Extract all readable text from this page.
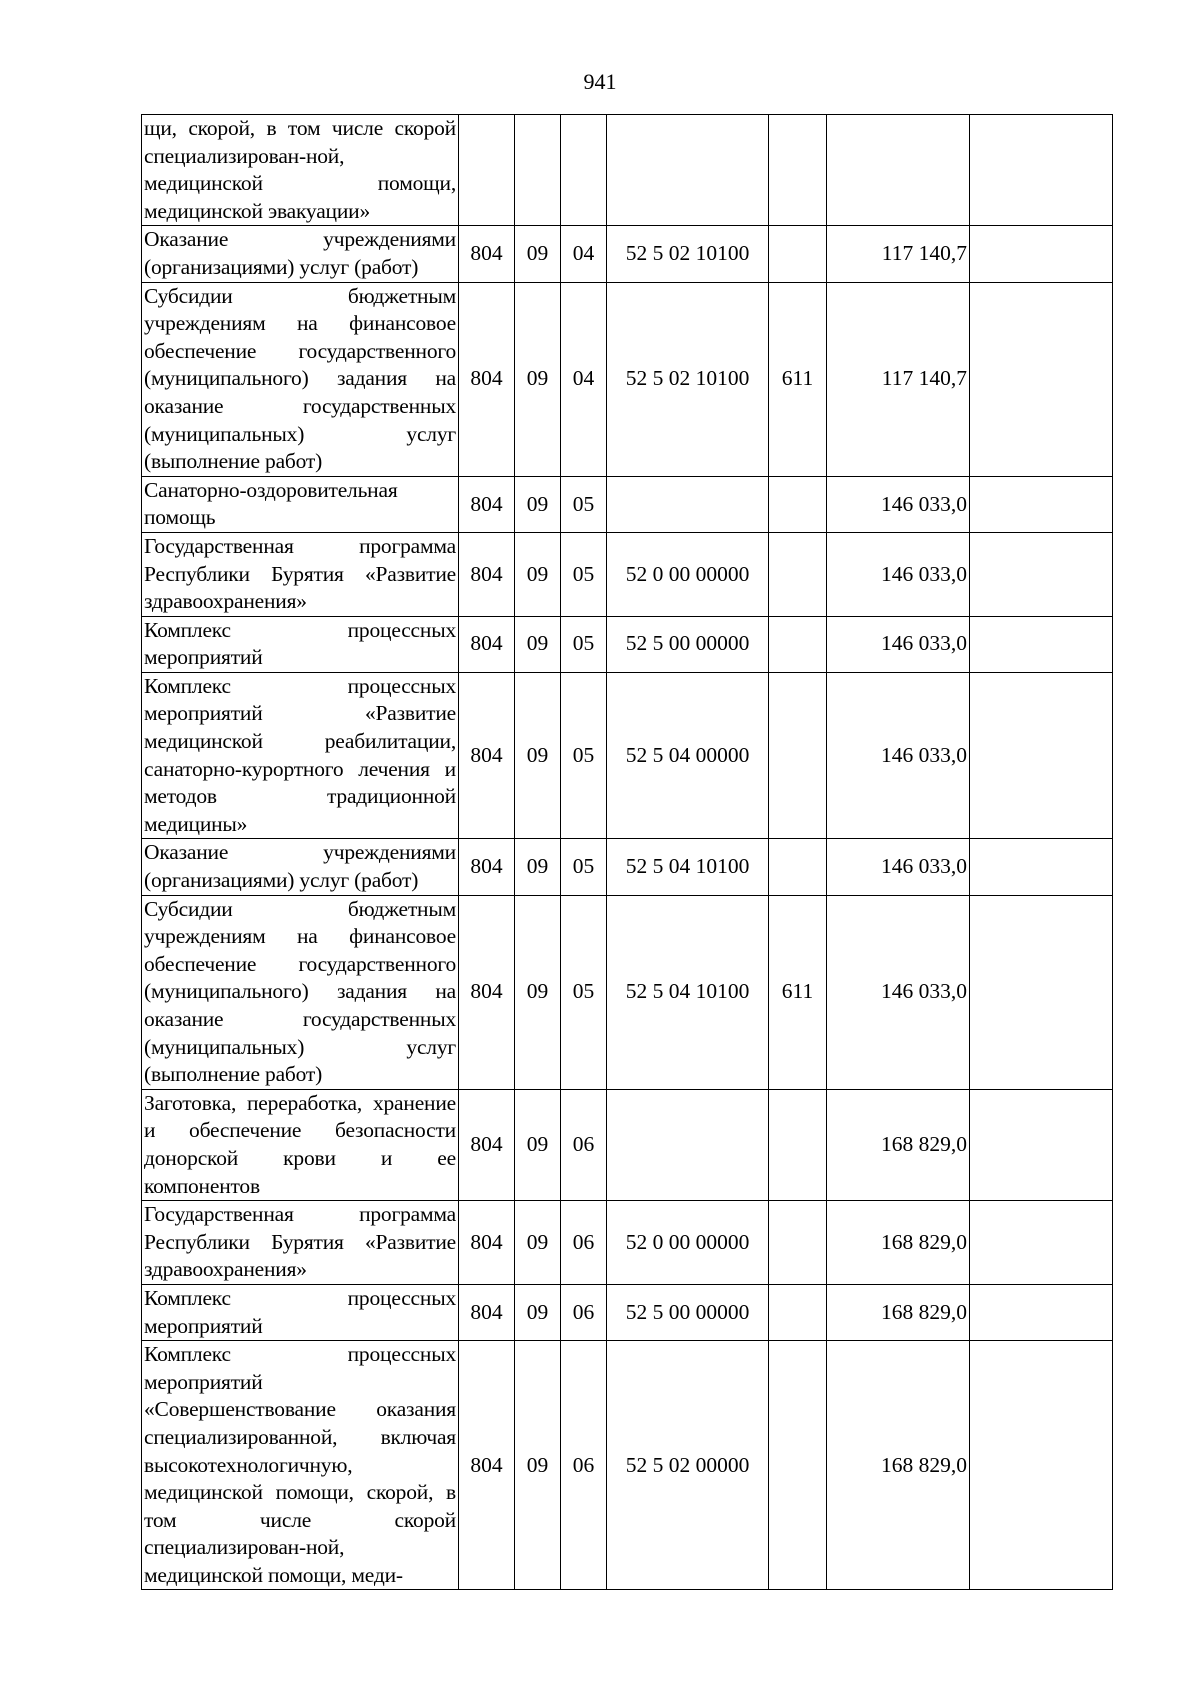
941
щи, скорой, в том числе скорой специализирован-ной, медицинской помощи, медицинской эвакуации»							
Оказание учреждениями (организациями) услуг (работ)	804	09	04	52 5 02 10100		117 140,7	
Субсидии бюджетным учреждениям на финансовое обеспечение государственного (муниципального) задания на оказание государственных (муниципальных) услуг (выполнение работ)	804	09	04	52 5 02 10100	611	117 140,7	
Санаторно-оздоровительная помощь	804	09	05			146 033,0	
Государственная программа Республики Бурятия «Развитие здравоохранения»	804	09	05	52 0 00 00000		146 033,0	
Комплекс процессных мероприятий	804	09	05	52 5 00 00000		146 033,0	
Комплекс процессных мероприятий «Развитие медицинской реабилитации, санаторно-курортного лечения и методов традиционной медицины»	804	09	05	52 5 04 00000		146 033,0	
Оказание учреждениями (организациями) услуг (работ)	804	09	05	52 5 04 10100		146 033,0	
Субсидии бюджетным учреждениям на финансовое обеспечение государственного (муниципального) задания на оказание государственных (муниципальных) услуг (выполнение работ)	804	09	05	52 5 04 10100	611	146 033,0	
Заготовка, переработка, хранение и обеспечение безопасности донорской крови и ее компонентов	804	09	06			168 829,0	
Государственная программа Республики Бурятия «Развитие здравоохранения»	804	09	06	52 0 00 00000		168 829,0	
Комплекс процессных мероприятий	804	09	06	52 5 00 00000		168 829,0	
Комплекс процессных мероприятий «Совершенствование оказания специализированной, включая высокотехнологичную, медицинской помощи, скорой, в том числе скорой специализирован-ной, медицинской помощи, меди-	804	09	06	52 5 02 00000		168 829,0	
